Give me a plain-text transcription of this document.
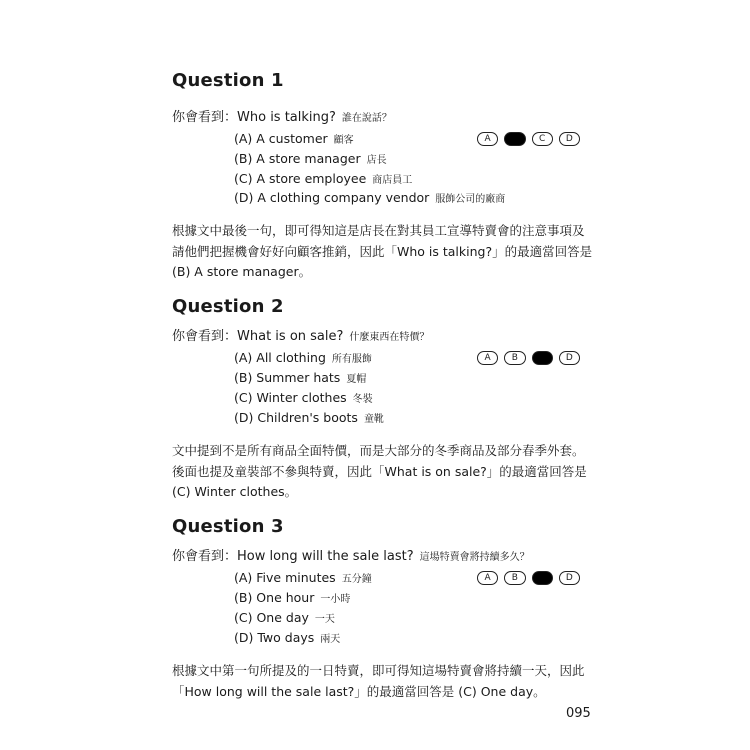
Question 1
你會看到：Who is talking? 誰在說話？
(A) A customer 顧客
(B) A store manager 店長
(C) A store employee 商店員工
(D) A clothing company vendor 服飾公司的廠商
A	B	C	D

根據文中最後一句，即可得知這是店長在對其員工宣導特賣會的注意事項及

請他們把握機會好好向顧客推銷，因此「Who is talking?」的最適當回答是

(B) A store manager。

Question 2
你會看到：What is on sale? 什麼東西在特價？
(A) All clothing 所有服飾
(B) Summer hats 夏帽
(C) Winter clothes 冬裝
(D) Children's boots 童靴
A	B	C	D

文中提到不是所有商品全面特價，而是大部分的冬季商品及部分春季外套。

後面也提及童裝部不參與特賣，因此「What is on sale?」的最適當回答是

(C) Winter clothes。

Question 3
你會看到：How long will the sale last? 這場特賣會將持續多久？
(A) Five minutes 五分鐘
(B) One hour 一小時
(C) One day 一天
(D) Two days 兩天
A	B	C	D

根據文中第一句所提及的一日特賣，即可得知這場特賣會將持續一天，因此

「How long will the sale last?」的最適當回答是 (C) One day。

095
